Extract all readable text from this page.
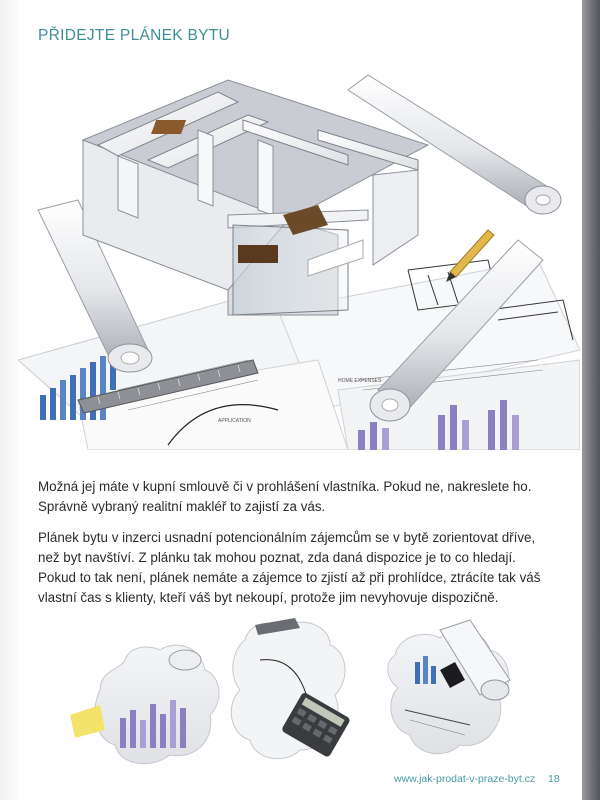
PŘIDEJTE PLÁNEK BYTU
HOME EXPENSES
APPLICATION

Možná jej máte v kupní smlouvě či v prohlášení vlastníka. Pokud ne, nakreslete ho. Správně vybraný realitní makléř to zajistí za vás.

Plánek bytu v inzerci usnadní potencionálním zájemcům se v bytě zorientovat dříve, než byt navštíví. Z plánku tak mohou poznat, zda daná dispozice je to co hledají. Pokud to tak není, plánek nemáte a zájemce to zjistí až při prohlídce, ztrácíte tak váš vlastní čas s klienty, kteří váš byt nekoupí, protože jim nevyhovuje dispozičně.

www.jak-prodat-v-praze-byt.cz 18
